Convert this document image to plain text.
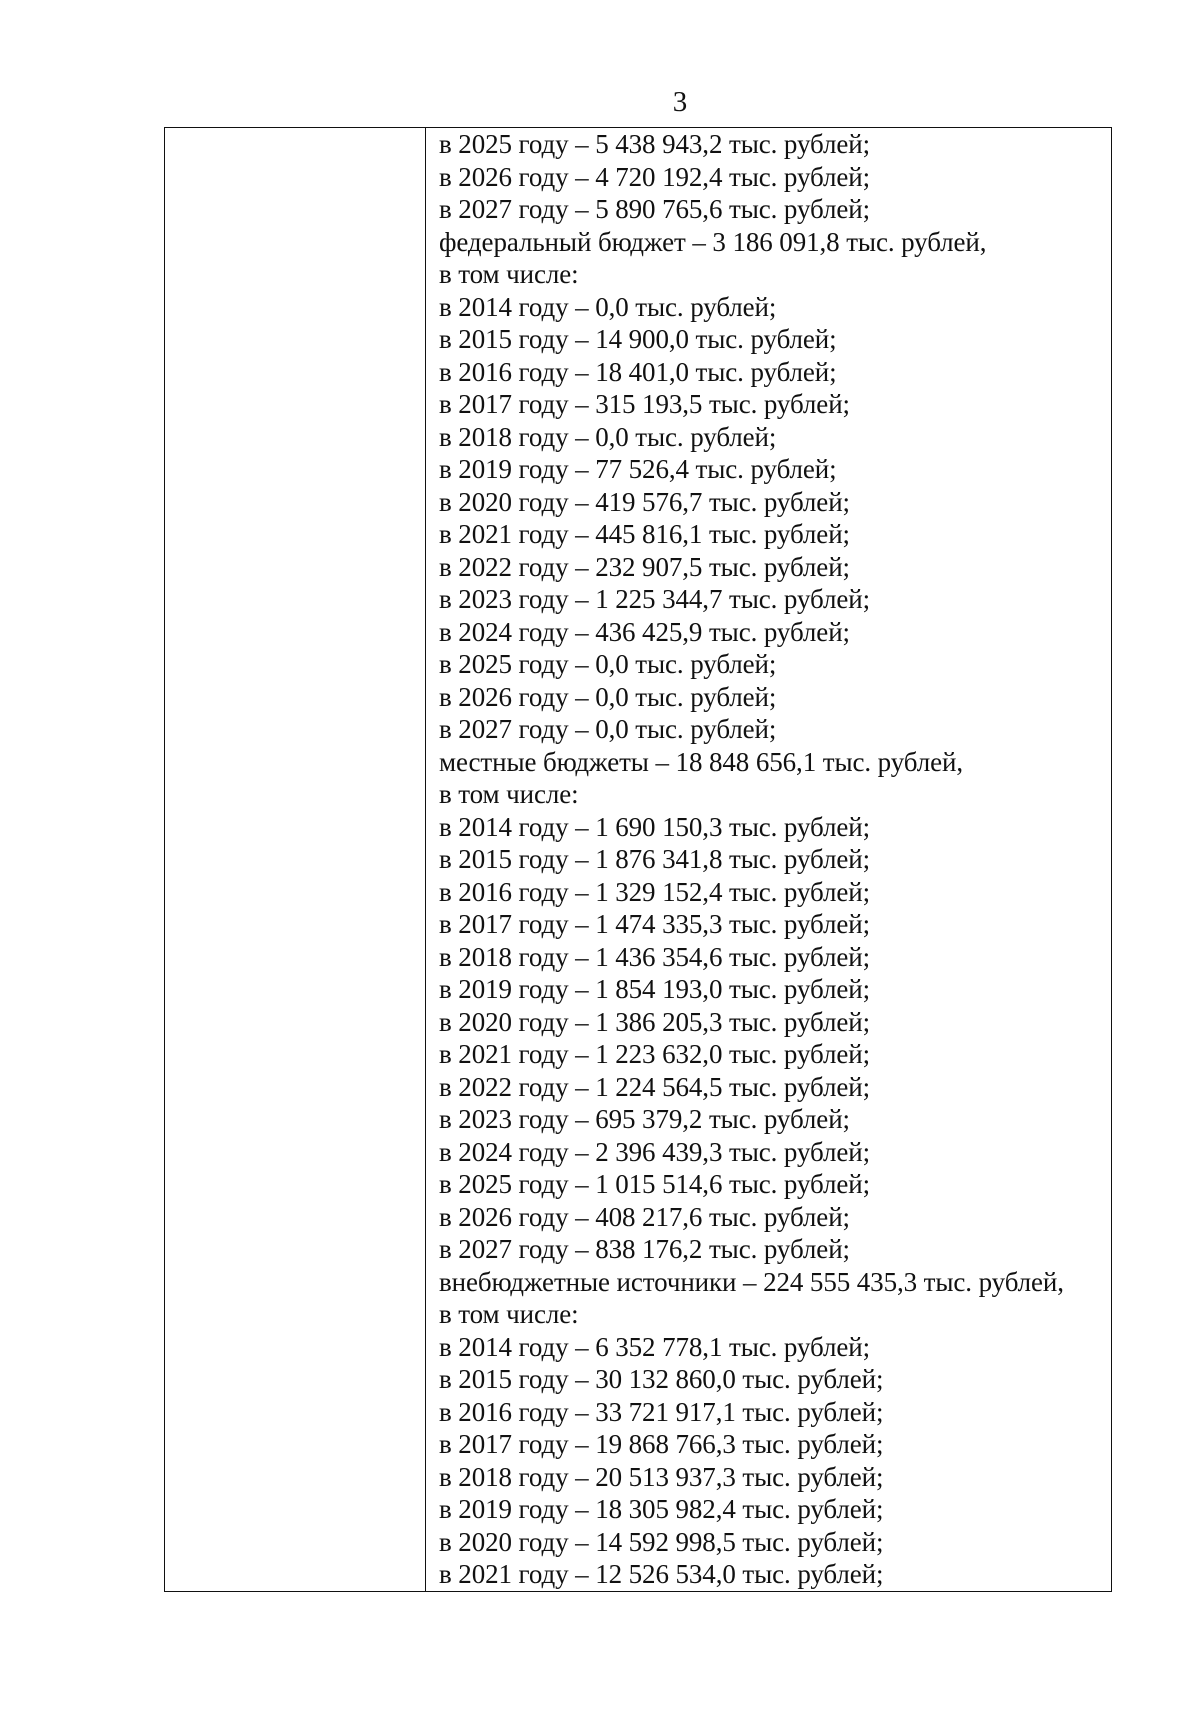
3
в 2025 году – 5 438 943,2 тыс. рублей;
в 2026 году – 4 720 192,4 тыс. рублей;
в 2027 году – 5 890 765,6 тыс. рублей;
федеральный бюджет – 3 186 091,8 тыс. рублей,
в том числе:
в 2014 году – 0,0 тыс. рублей;
в 2015 году – 14 900,0 тыс. рублей;
в 2016 году – 18 401,0 тыс. рублей;
в 2017 году – 315 193,5 тыс. рублей;
в 2018 году – 0,0 тыс. рублей;
в 2019 году – 77 526,4 тыс. рублей;
в 2020 году – 419 576,7 тыс. рублей;
в 2021 году – 445 816,1 тыс. рублей;
в 2022 году – 232 907,5 тыс. рублей;
в 2023 году – 1 225 344,7 тыс. рублей;
в 2024 году – 436 425,9 тыс. рублей;
в 2025 году – 0,0 тыс. рублей;
в 2026 году – 0,0 тыс. рублей;
в 2027 году – 0,0 тыс. рублей;
местные бюджеты – 18 848 656,1 тыс. рублей,
в том числе:
в 2014 году – 1 690 150,3 тыс. рублей;
в 2015 году – 1 876 341,8 тыс. рублей;
в 2016 году – 1 329 152,4 тыс. рублей;
в 2017 году – 1 474 335,3 тыс. рублей;
в 2018 году – 1 436 354,6 тыс. рублей;
в 2019 году – 1 854 193,0 тыс. рублей;
в 2020 году – 1 386 205,3 тыс. рублей;
в 2021 году – 1 223 632,0 тыс. рублей;
в 2022 году – 1 224 564,5 тыс. рублей;
в 2023 году – 695 379,2 тыс. рублей;
в 2024 году – 2 396 439,3 тыс. рублей;
в 2025 году – 1 015 514,6 тыс. рублей;
в 2026 году – 408 217,6 тыс. рублей;
в 2027 году – 838 176,2 тыс. рублей;
внебюджетные источники – 224 555 435,3 тыс. рублей,
в том числе:
в 2014 году – 6 352 778,1 тыс. рублей;
в 2015 году – 30 132 860,0 тыс. рублей;
в 2016 году – 33 721 917,1 тыс. рублей;
в 2017 году – 19 868 766,3 тыс. рублей;
в 2018 году – 20 513 937,3 тыс. рублей;
в 2019 году – 18 305 982,4 тыс. рублей;
в 2020 году – 14 592 998,5 тыс. рублей;
в 2021 году – 12 526 534,0 тыс. рублей;
